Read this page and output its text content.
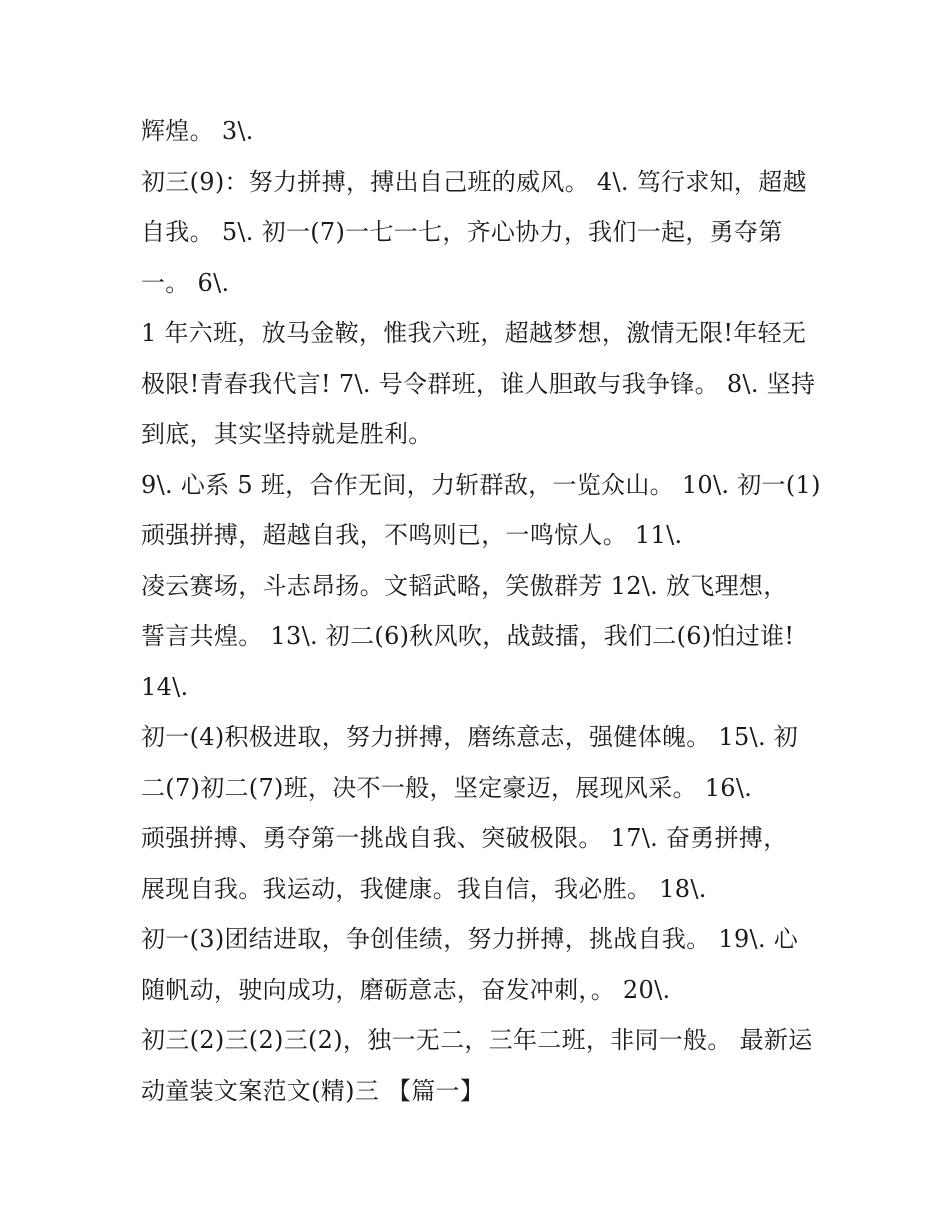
辉煌。 3\.
初三(9)：努力拼搏，搏出自己班的威风。 4\. 笃行求知，超越
自我。 5\. 初一(7)一七一七，齐心协力，我们一起，勇夺第
一。 6\.
1 年六班，放马金鞍，惟我六班，超越梦想，激情无限!年轻无
极限!青春我代言! 7\. 号令群班，谁人胆敢与我争锋。 8\. 坚持
到底，其实坚持就是胜利。
9\. 心系 5 班，合作无间，力斩群敌，一览众山。 10\. 初一(1)
顽强拼搏，超越自我，不鸣则已，一鸣惊人。 11\.
凌云赛场，斗志昂扬。文韬武略，笑傲群芳 12\. 放飞理想，
誓言共煌。 13\. 初二(6)秋风吹，战鼓擂，我们二(6)怕过谁!
14\.
初一(4)积极进取，努力拼搏，磨练意志，强健体魄。 15\. 初
二(7)初二(7)班，决不一般，坚定豪迈，展现风采。 16\.
顽强拼搏、勇夺第一挑战自我、突破极限。 17\. 奋勇拼搏，
展现自我。我运动，我健康。我自信，我必胜。 18\.
初一(3)团结进取，争创佳绩，努力拼搏，挑战自我。 19\. 心
随帆动，驶向成功，磨砺意志，奋发冲刺，。 20\.
初三(2)三(2)三(2)，独一无二，三年二班，非同一般。 最新运
动童装文案范文(精)三 【篇一】
